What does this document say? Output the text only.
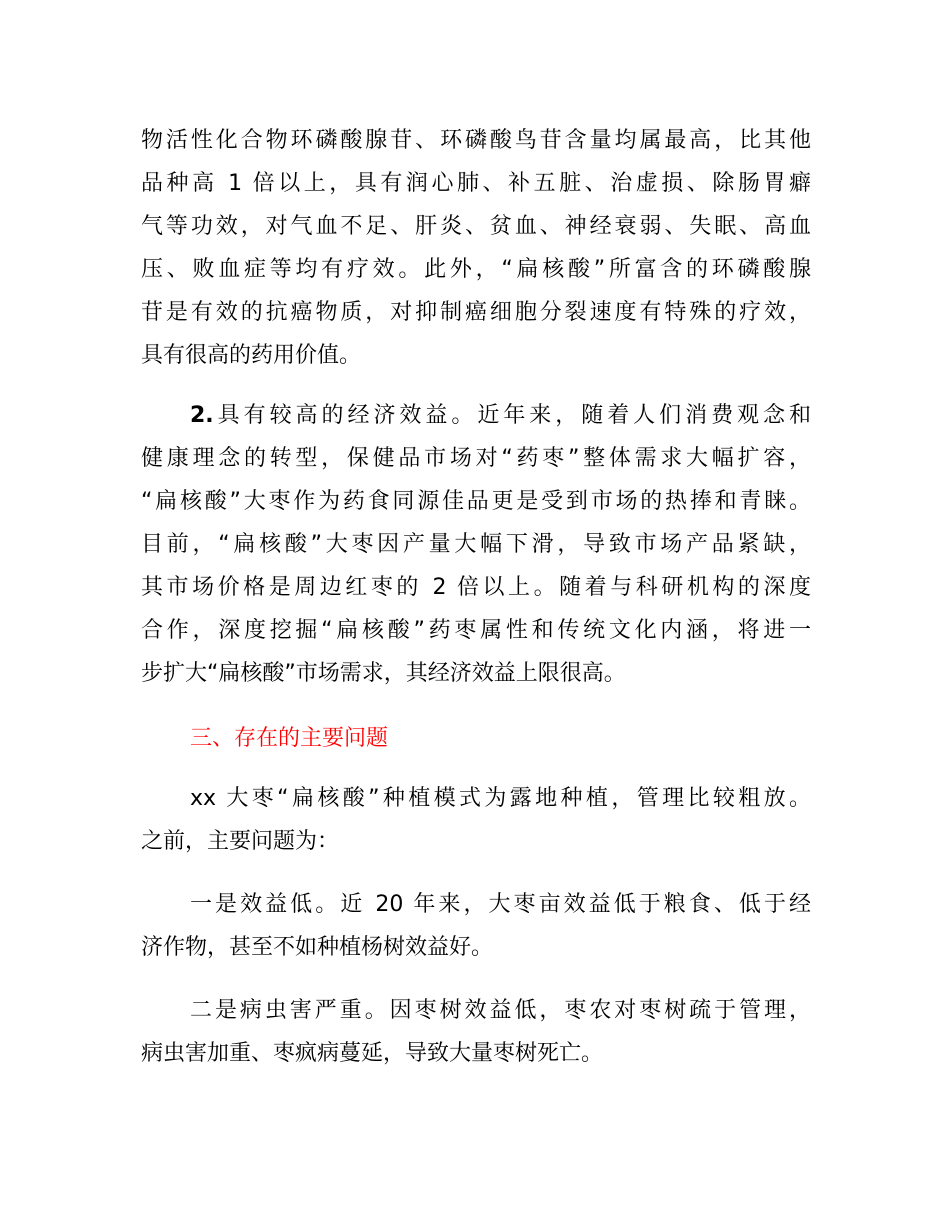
物活性化合物环磷酸腺苷、环磷酸鸟苷含量均属最高，比其他

品种高 1 倍以上，具有润心肺、补五脏、治虚损、除肠胃癖

气等功效，对气血不足、肝炎、贫血、神经衰弱、失眠、高血

压、败血症等均有疗效。此外，“扁核酸”所富含的环磷酸腺

苷是有效的抗癌物质，对抑制癌细胞分裂速度有特殊的疗效，

具有很高的药用价值。

2.具有较高的经济效益。近年来，随着人们消费观念和

健康理念的转型，保健品市场对“药枣”整体需求大幅扩容，

“扁核酸”大枣作为药食同源佳品更是受到市场的热捧和青睐。

目前，“扁核酸”大枣因产量大幅下滑，导致市场产品紧缺，

其市场价格是周边红枣的 2 倍以上。随着与科研机构的深度

合作，深度挖掘“扁核酸”药枣属性和传统文化内涵，将进一

步扩大“扁核酸”市场需求，其经济效益上限很高。

三、存在的主要问题

xx 大枣“扁核酸”种植模式为露地种植，管理比较粗放。

之前，主要问题为：

一是效益低。近 20 年来，大枣亩效益低于粮食、低于经

济作物，甚至不如种植杨树效益好。

二是病虫害严重。因枣树效益低，枣农对枣树疏于管理，

病虫害加重、枣疯病蔓延，导致大量枣树死亡。
